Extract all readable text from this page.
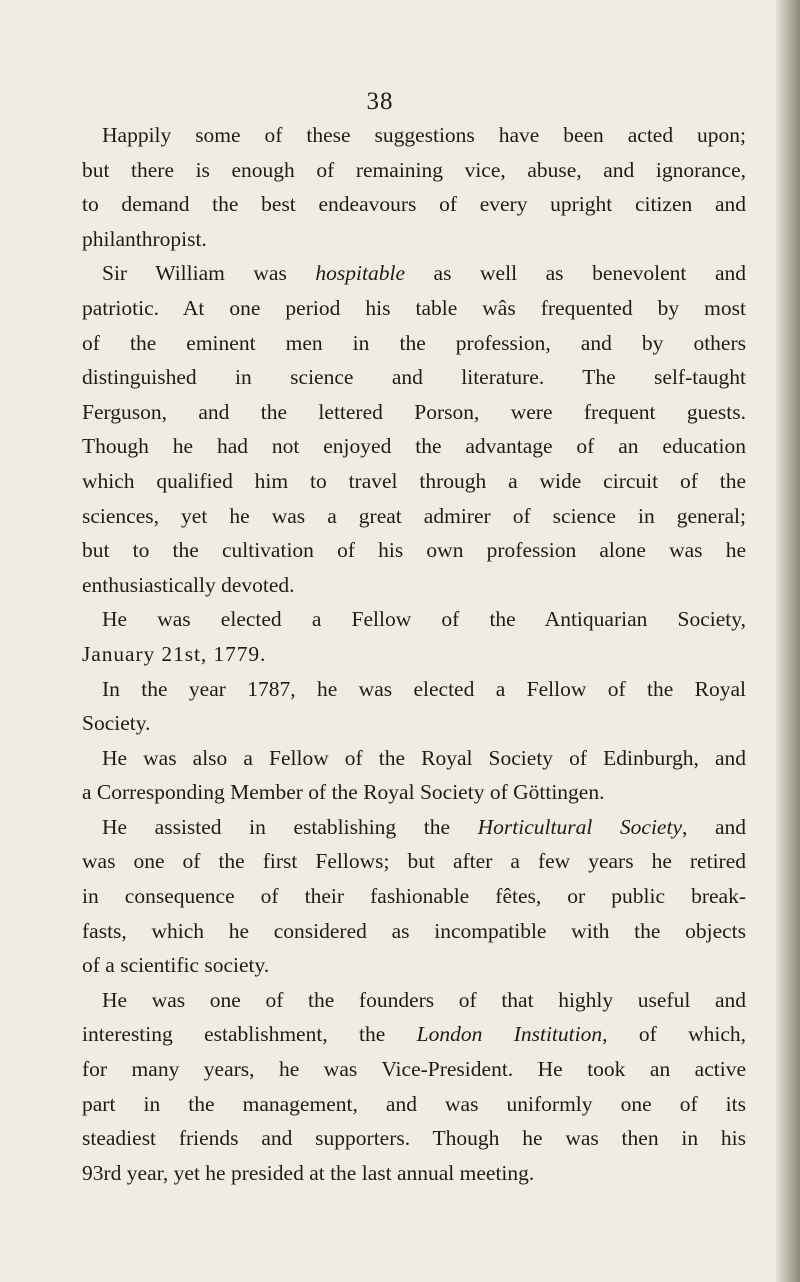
38
Happily some of these suggestions have been acted upon;
but there is enough of remaining vice, abuse, and ignorance,
to demand the best endeavours of every upright citizen and
philanthropist.
Sir William was hospitable as well as benevolent and
patriotic. At one period his table wâs frequented by most
of the eminent men in the profession, and by others
distinguished in science and literature. The self-taught
Ferguson, and the lettered Porson, were frequent guests.
Though he had not enjoyed the advantage of an education
which qualified him to travel through a wide circuit of the
sciences, yet he was a great admirer of science in general;
but to the cultivation of his own profession alone was he
enthusiastically devoted.
He was elected a Fellow of the Antiquarian Society,
January 21st, 1779.
In the year 1787, he was elected a Fellow of the Royal
Society.
He was also a Fellow of the Royal Society of Edinburgh, and
a Corresponding Member of the Royal Society of Göttingen.
He assisted in establishing the Horticultural Society, and
was one of the first Fellows; but after a few years he retired
in consequence of their fashionable fêtes, or public break-
fasts, which he considered as incompatible with the objects
of a scientific society.
He was one of the founders of that highly useful and
interesting establishment, the London Institution, of which,
for many years, he was Vice-President. He took an active
part in the management, and was uniformly one of its
steadiest friends and supporters. Though he was then in his
93rd year, yet he presided at the last annual meeting.
